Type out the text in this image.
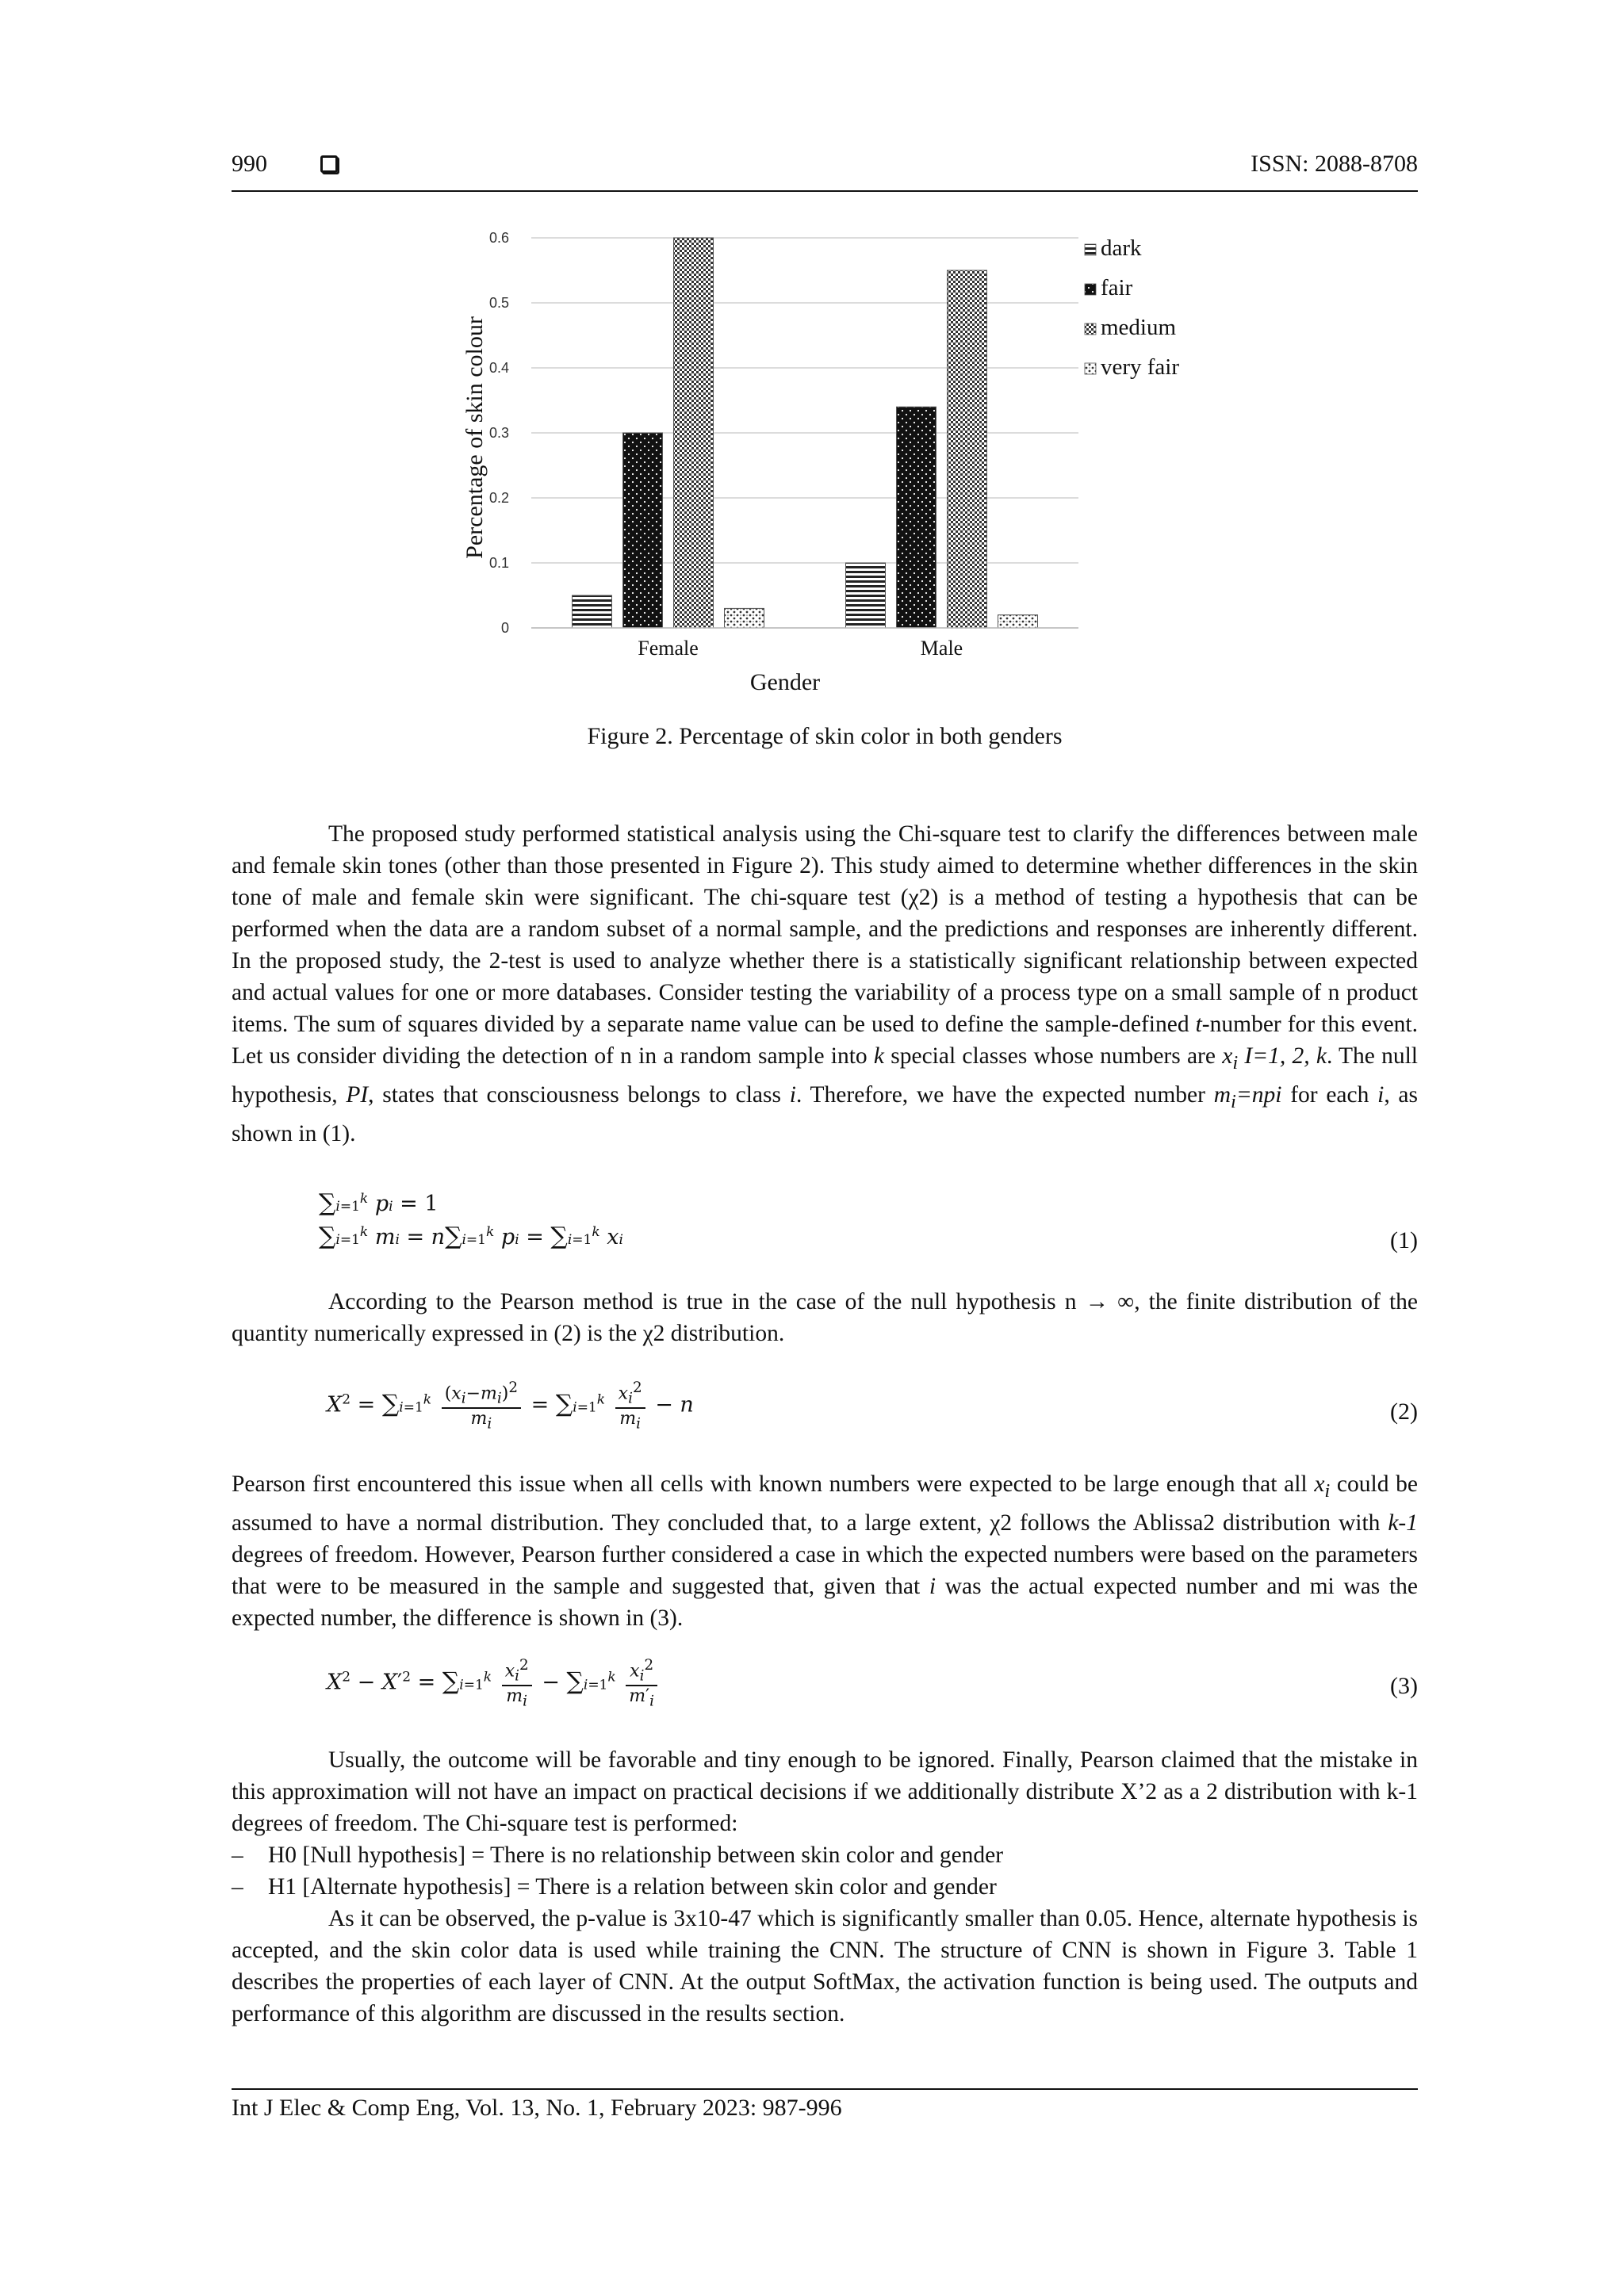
990	ISSN: 2088-8708
0
0.1
0.2
0.3
0.4
0.5
0.6
Female	Male
dark
fair
medium
very fair
Gender
Percentage of skin colour
Figure 2. Percentage of skin color in both genders
The proposed study performed statistical analysis using the Chi-square test to clarify the differences between male and female skin tones (other than those presented in Figure 2). This study aimed to determine whether differences in the skin tone of male and female skin were significant. The chi-square test (χ2) is a method of testing a hypothesis that can be performed when the data are a random subset of a normal sample, and the predictions and responses are inherently different. In the proposed study, the 2-test is used to analyze whether there is a statistically significant relationship between expected and actual values for one or more databases. Consider testing the variability of a process type on a small sample of n product items. The sum of squares divided by a separate name value can be used to define the sample-defined t-number for this event. Let us consider dividing the detection of n in a random sample into k special classes whose numbers are $x_i$ I=1, 2, k. The null hypothesis, PI, states that consciousness belongs to class i. Therefore, we have the expected number $m_i=npi$ for each i, as shown in (1).
$\sum i=1^k$ pi = 1
$\sum i=1^k$ mi = $n\sum i=1^k$ pi = $\sum i=1^k$ xi	(1)
According to the Pearson method is true in the case of the null hypothesis n → ∞, the finite distribution of the quantity numerically expressed in (2) is the χ2 distribution.
$X^2 = \sum i=1^k \frac{(x_i-m_i)^2}{m_i} = \sum i=1^k \frac{x_i^2}{m_i} - n$	(2)
Pearson first encountered this issue when all cells with known numbers were expected to be large enough that all $x_i$ could be assumed to have a normal distribution. They concluded that, to a large extent, χ2 follows the Ablissa2 distribution with k-1 degrees of freedom. However, Pearson further considered a case in which the expected numbers were based on the parameters that were to be measured in the sample and suggested that, given that i was the actual expected number and mi was the expected number, the difference is shown in (3).
$X^2 - X'^2 = \sum i=1^k \frac{x_i^2}{m_i} - \sum i=1^k \frac{x_i^2}{m'_i}$	(3)
Usually, the outcome will be favorable and tiny enough to be ignored. Finally, Pearson claimed that the mistake in this approximation will not have an impact on practical decisions if we additionally distribute X’2 as a 2 distribution with k-1 degrees of freedom. The Chi-square test is performed:
– H0 [Null hypothesis] = There is no relationship between skin color and gender
– H1 [Alternate hypothesis] = There is a relation between skin color and gender
As it can be observed, the p-value is 3x10-47 which is significantly smaller than 0.05. Hence, alternate hypothesis is accepted, and the skin color data is used while training the CNN. The structure of CNN is shown in Figure 3. Table 1 describes the properties of each layer of CNN. At the output SoftMax, the activation function is being used. The outputs and performance of this algorithm are discussed in the results section.
Int J Elec & Comp Eng, Vol. 13, No. 1, February 2023: 987-996
